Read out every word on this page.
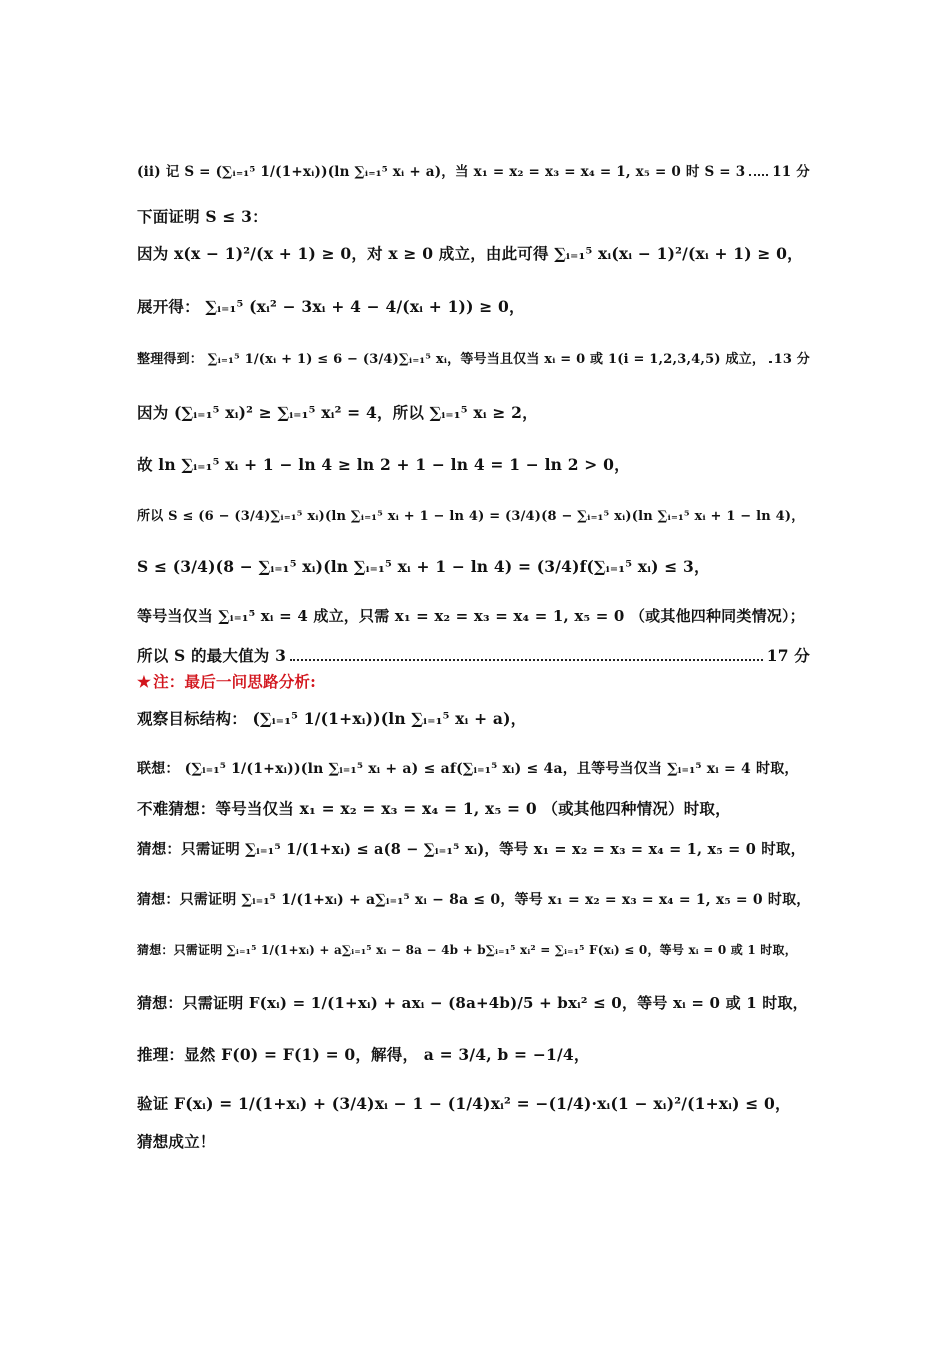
(ii) 记 S = (∑ᵢ₌₁⁵ 1/(1+xᵢ))(ln ∑ᵢ₌₁⁵ xᵢ + a)，当 x₁ = x₂ = x₃ = x₄ = 1, x₅ = 0 时 S = 3 11 分
下面证明 S ≤ 3：
因为 x(x − 1)²/(x + 1) ≥ 0，对 x ≥ 0 成立，由此可得 ∑ᵢ₌₁⁵ xᵢ(xᵢ − 1)²/(xᵢ + 1) ≥ 0，
展开得： ∑ᵢ₌₁⁵ (xᵢ² − 3xᵢ + 4 − 4/(xᵢ + 1)) ≥ 0，
整理得到： ∑ᵢ₌₁⁵ 1/(xᵢ + 1) ≤ 6 − (3/4)∑ᵢ₌₁⁵ xᵢ，等号当且仅当 xᵢ = 0 或 1(i = 1,2,3,4,5) 成立， 13 分
因为 (∑ᵢ₌₁⁵ xᵢ)² ≥ ∑ᵢ₌₁⁵ xᵢ² = 4，所以 ∑ᵢ₌₁⁵ xᵢ ≥ 2，
故 ln ∑ᵢ₌₁⁵ xᵢ + 1 − ln 4 ≥ ln 2 + 1 − ln 4 = 1 − ln 2 > 0，
所以 S ≤ (6 − (3/4)∑ᵢ₌₁⁵ xᵢ)(ln ∑ᵢ₌₁⁵ xᵢ + 1 − ln 4) = (3/4)(8 − ∑ᵢ₌₁⁵ xᵢ)(ln ∑ᵢ₌₁⁵ xᵢ + 1 − ln 4)，
S ≤ (3/4)(8 − ∑ᵢ₌₁⁵ xᵢ)(ln ∑ᵢ₌₁⁵ xᵢ + 1 − ln 4) = (3/4)f(∑ᵢ₌₁⁵ xᵢ) ≤ 3，
等号当仅当 ∑ᵢ₌₁⁵ xᵢ = 4 成立，只需 x₁ = x₂ = x₃ = x₄ = 1, x₅ = 0 （或其他四种同类情况）；
所以 S 的最大值为 3	17 分
★ 注：最后一问思路分析:
观察目标结构： (∑ᵢ₌₁⁵ 1/(1+xᵢ))(ln ∑ᵢ₌₁⁵ xᵢ + a)，
联想： (∑ᵢ₌₁⁵ 1/(1+xᵢ))(ln ∑ᵢ₌₁⁵ xᵢ + a) ≤ af(∑ᵢ₌₁⁵ xᵢ) ≤ 4a，且等号当仅当 ∑ᵢ₌₁⁵ xᵢ = 4 时取，
不难猜想：等号当仅当 x₁ = x₂ = x₃ = x₄ = 1, x₅ = 0 （或其他四种情况）时取，
猜想：只需证明 ∑ᵢ₌₁⁵ 1/(1+xᵢ) ≤ a(8 − ∑ᵢ₌₁⁵ xᵢ)，等号 x₁ = x₂ = x₃ = x₄ = 1, x₅ = 0 时取，
猜想：只需证明 ∑ᵢ₌₁⁵ 1/(1+xᵢ) + a∑ᵢ₌₁⁵ xᵢ − 8a ≤ 0，等号 x₁ = x₂ = x₃ = x₄ = 1, x₅ = 0 时取，
猜想：只需证明 ∑ᵢ₌₁⁵ 1/(1+xᵢ) + a∑ᵢ₌₁⁵ xᵢ − 8a − 4b + b∑ᵢ₌₁⁵ xᵢ² = ∑ᵢ₌₁⁵ F(xᵢ) ≤ 0，等号 xᵢ = 0 或 1 时取，
猜想：只需证明 F(xᵢ) = 1/(1+xᵢ) + axᵢ − (8a+4b)/5 + bxᵢ² ≤ 0，等号 xᵢ = 0 或 1 时取，
推理：显然 F(0) = F(1) = 0，解得， a = 3/4, b = −1/4，
验证 F(xᵢ) = 1/(1+xᵢ) + (3/4)xᵢ − 1 − (1/4)xᵢ² = −(1/4)·xᵢ(1 − xᵢ)²/(1+xᵢ) ≤ 0，
猜想成立！
